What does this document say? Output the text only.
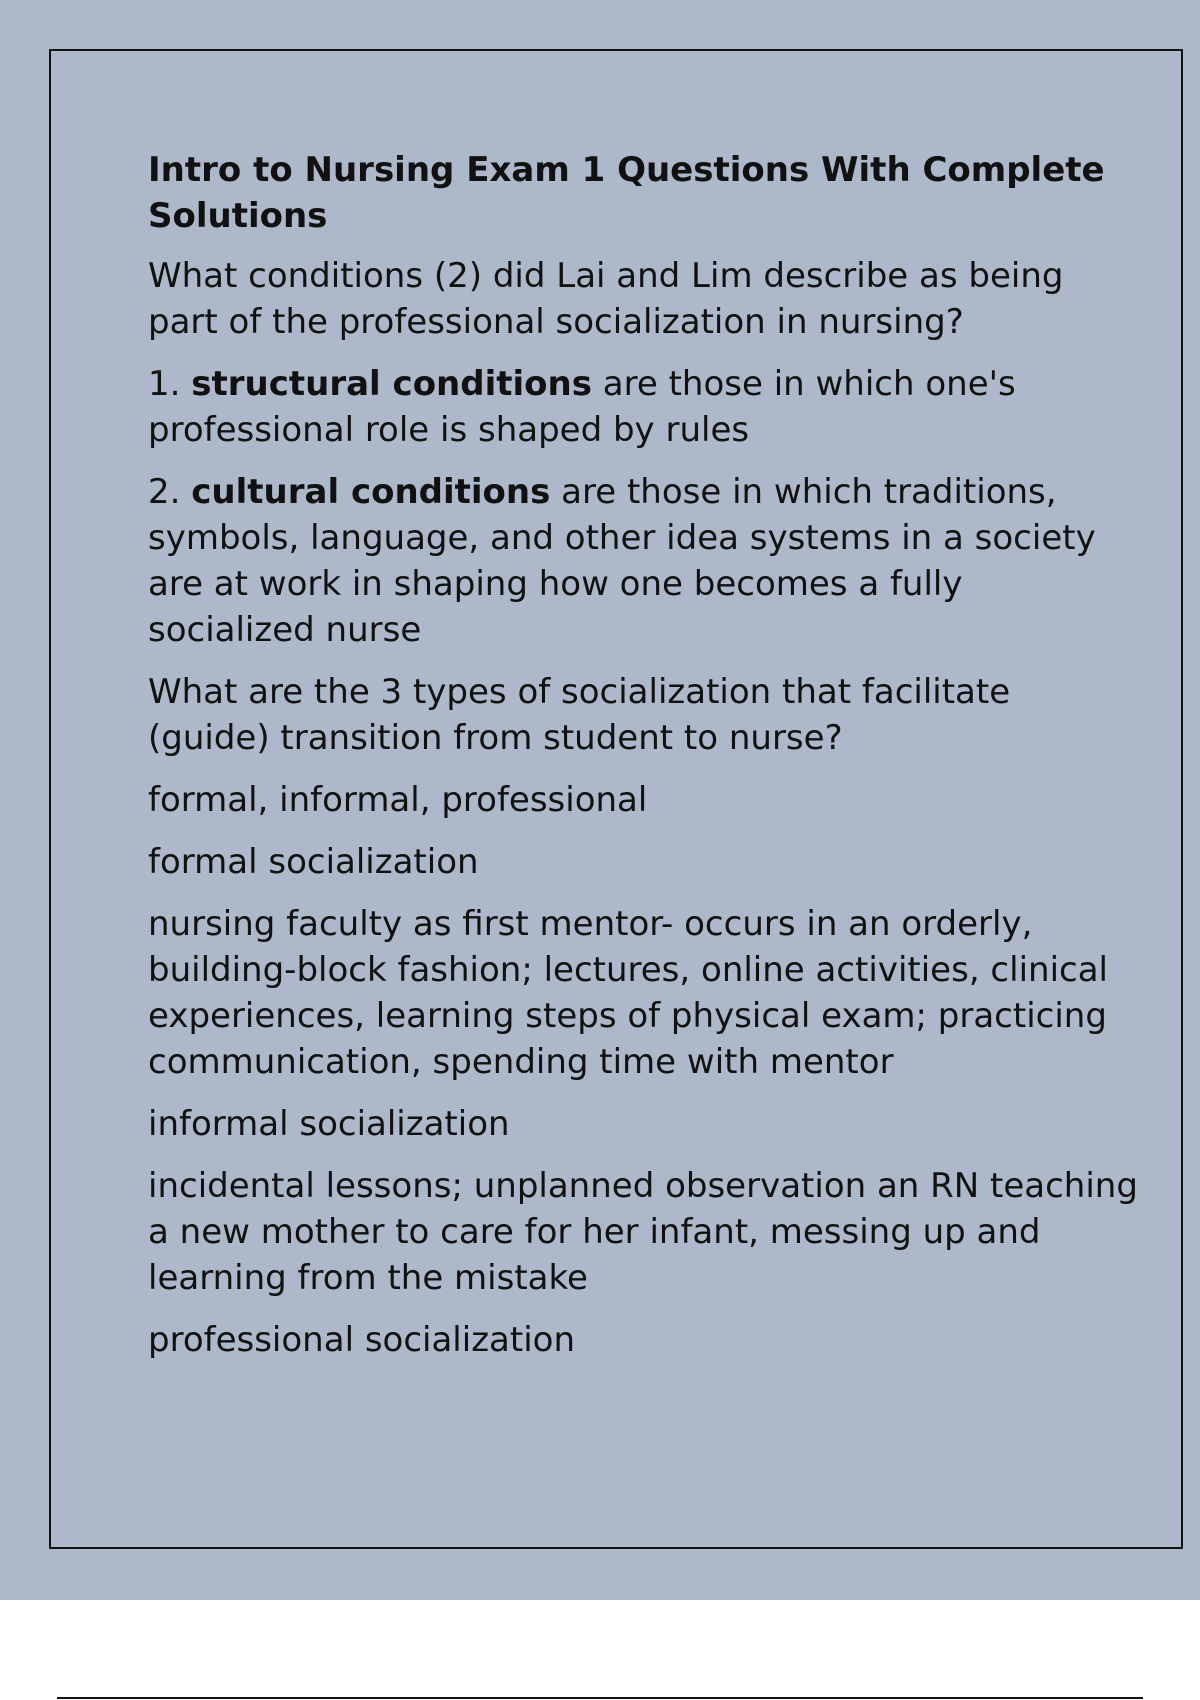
Intro to Nursing Exam 1 Questions With Complete Solutions
What conditions (2) did Lai and Lim describe as being part of the professional socialization in nursing?
1. structural conditions are those in which one's professional role is shaped by rules
2. cultural conditions are those in which traditions, symbols, language, and other idea systems in a society are at work in shaping how one becomes a fully socialized nurse
What are the 3 types of socialization that facilitate (guide) transition from student to nurse?
formal, informal, professional
formal socialization
nursing faculty as first mentor- occurs in an orderly, building-block fashion; lectures, online activities, clinical experiences, learning steps of physical exam; practicing communication, spending time with mentor
informal socialization
incidental lessons; unplanned observation an RN teaching a new mother to care for her infant, messing up and learning from the mistake
professional socialization
